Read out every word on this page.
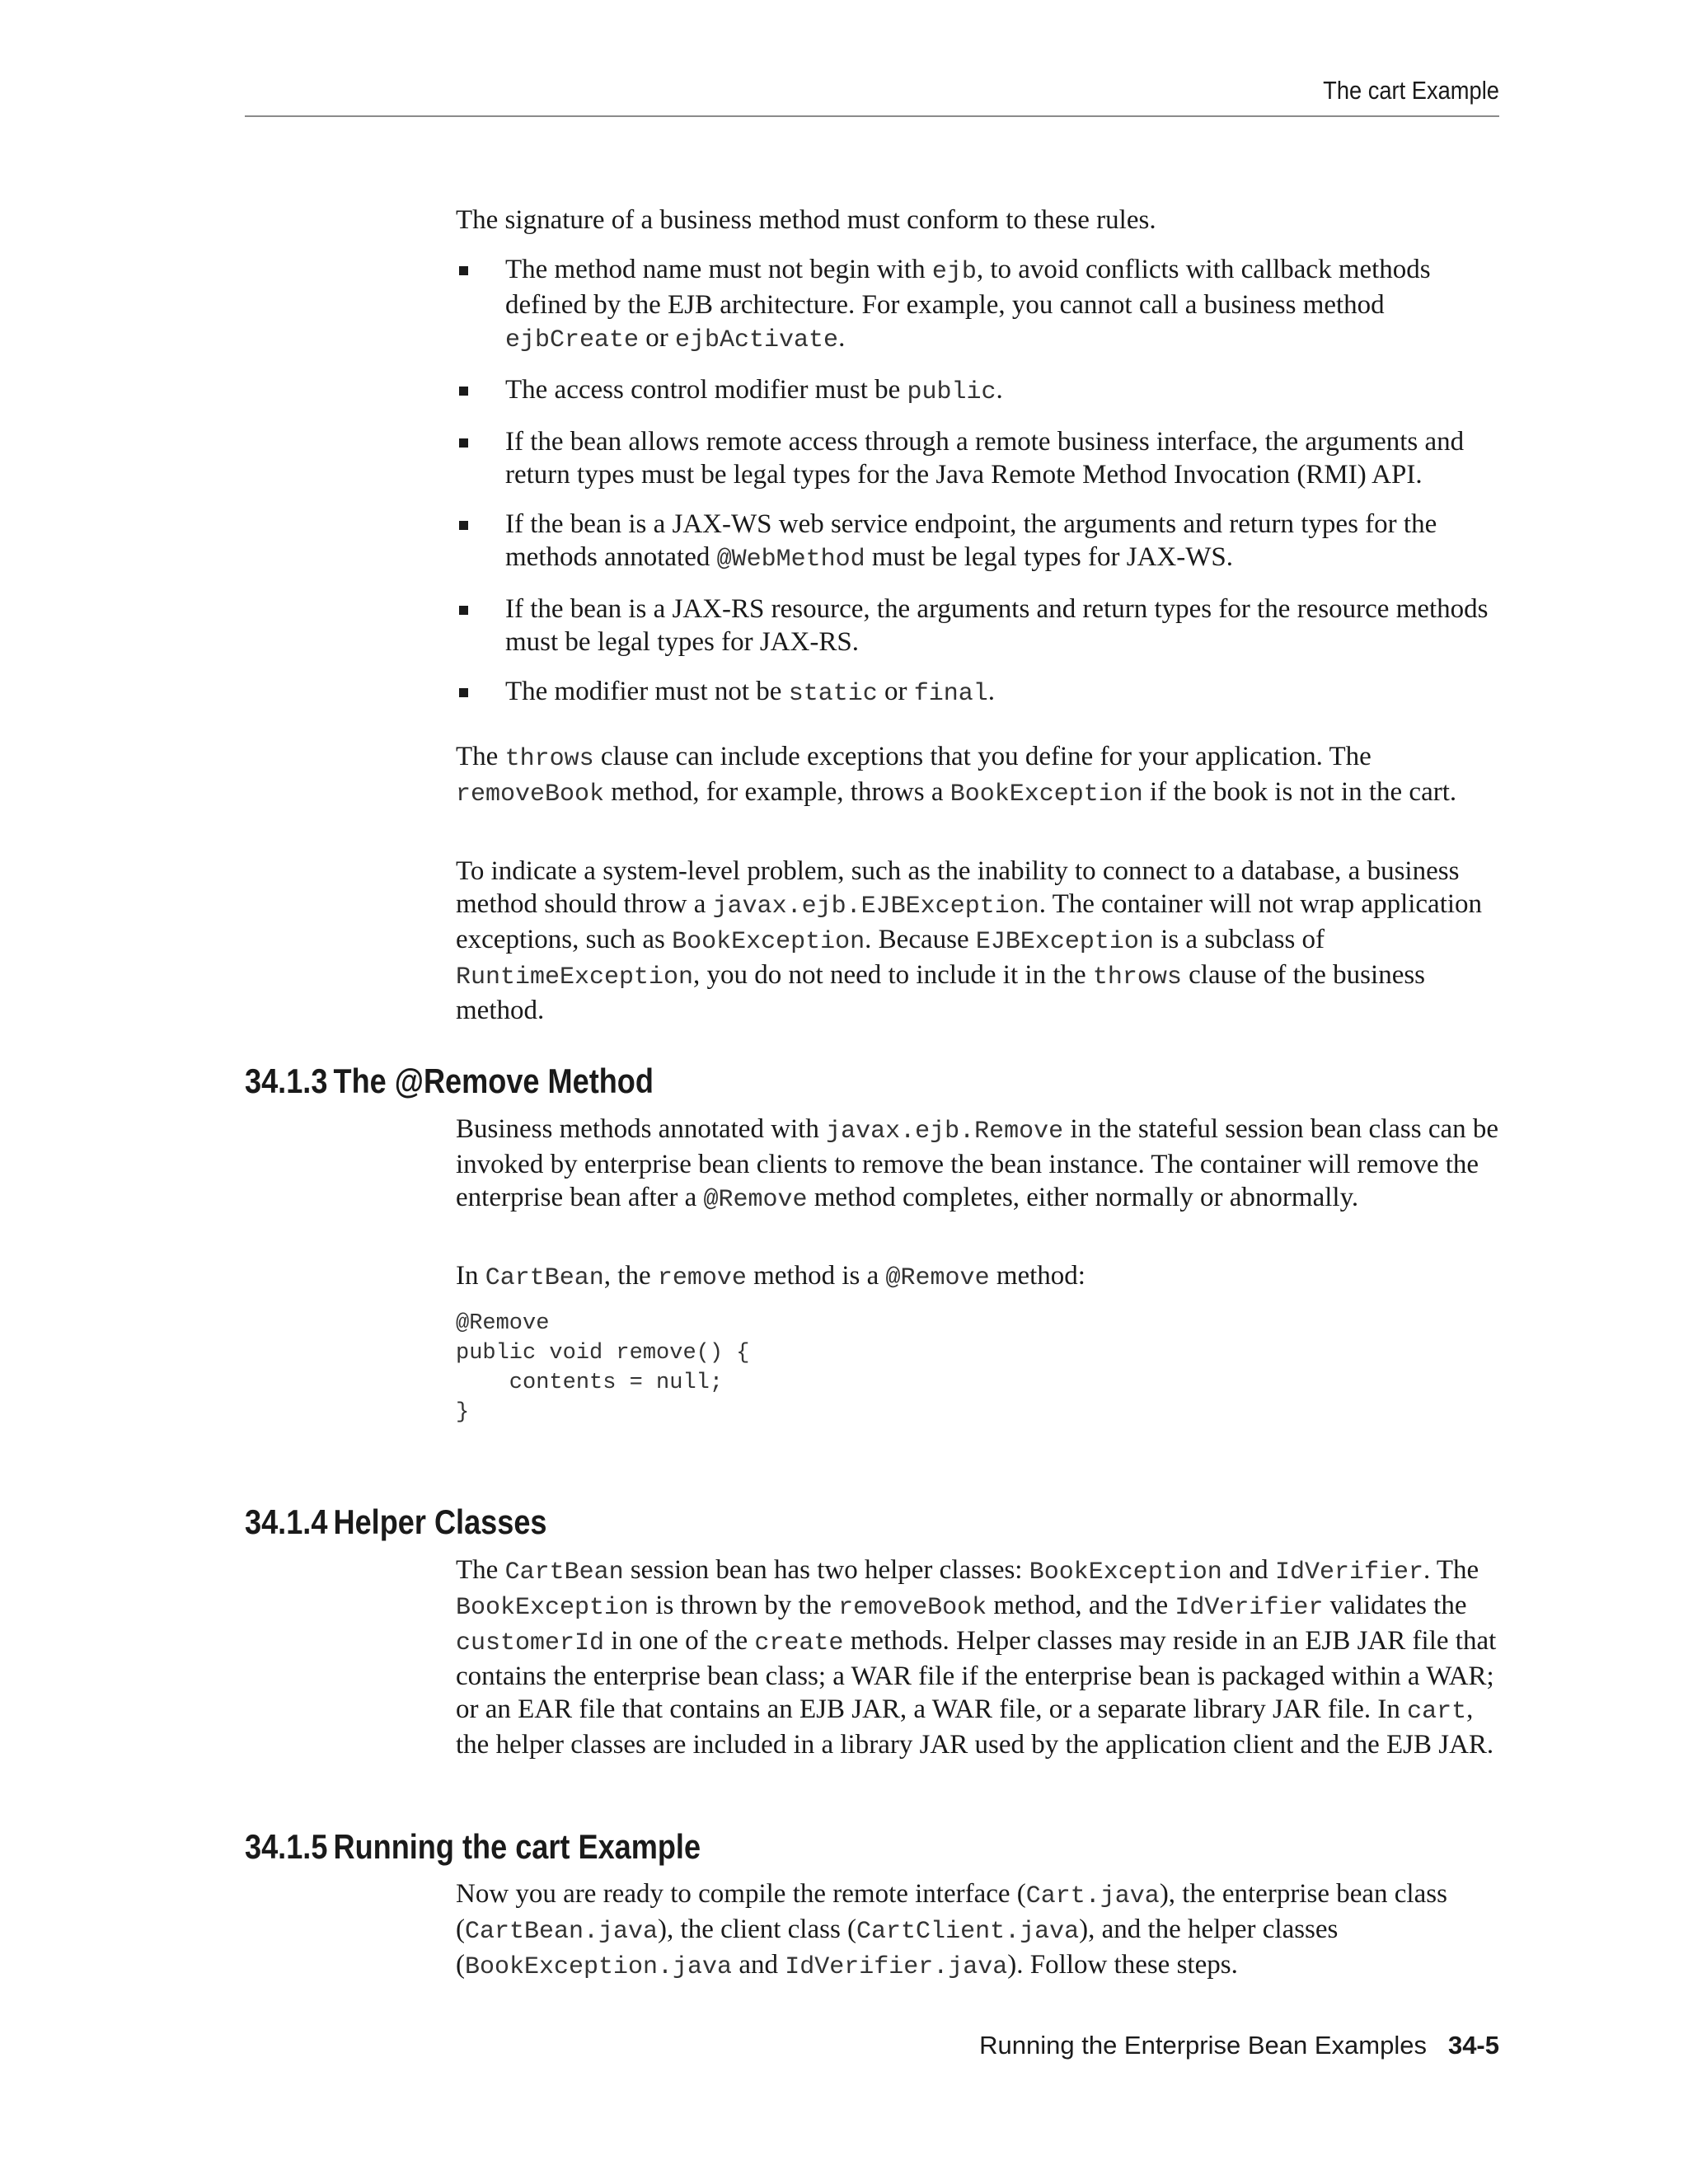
The cart Example

The signature of a business method must conform to these rules.

The method name must not begin with ejb, to avoid conflicts with callback methods defined by the EJB architecture. For example, you cannot call a business method ejbCreate or ejbActivate.
The access control modifier must be public.
If the bean allows remote access through a remote business interface, the arguments and return types must be legal types for the Java Remote Method Invocation (RMI) API.
If the bean is a JAX-WS web service endpoint, the arguments and return types for the methods annotated @WebMethod must be legal types for JAX-WS.
If the bean is a JAX-RS resource, the arguments and return types for the resource methods must be legal types for JAX-RS.
The modifier must not be static or final.

The throws clause can include exceptions that you define for your application. The removeBook method, for example, throws a BookException if the book is not in the cart.

To indicate a system-level problem, such as the inability to connect to a database, a business method should throw a javax.ejb.EJBException. The container will not wrap application exceptions, such as BookException. Because EJBException is a subclass of RuntimeException, you do not need to include it in the throws clause of the business method.

34.1.3 The @Remove Method

Business methods annotated with javax.ejb.Remove in the stateful session bean class can be invoked by enterprise bean clients to remove the bean instance. The container will remove the enterprise bean after a @Remove method completes, either normally or abnormally.

In CartBean, the remove method is a @Remove method:

@Remove
public void remove() {
contents = null;
}
34.1.4 Helper Classes

The CartBean session bean has two helper classes: BookException and IdVerifier. The BookException is thrown by the removeBook method, and the IdVerifier validates the customerId in one of the create methods. Helper classes may reside in an EJB JAR file that contains the enterprise bean class; a WAR file if the enterprise bean is packaged within a WAR; or an EAR file that contains an EJB JAR, a WAR file, or a separate library JAR file. In cart, the helper classes are included in a library JAR used by the application client and the EJB JAR.

34.1.5 Running the cart Example

Now you are ready to compile the remote interface (Cart.java), the enterprise bean class (CartBean.java), the client class (CartClient.java), and the helper classes (BookException.java and IdVerifier.java). Follow these steps.

Running the Enterprise Bean Examples 34-5
